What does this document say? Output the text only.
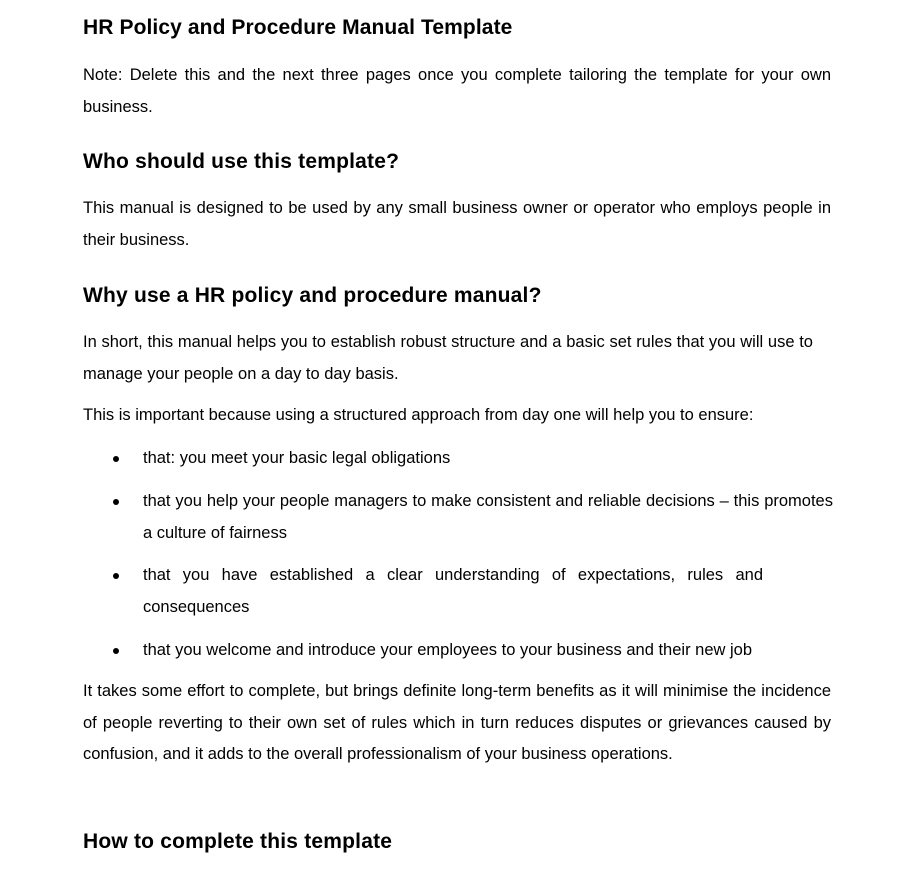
HR Policy and Procedure Manual Template
Note: Delete this and the next three pages once you complete tailoring the template for your own business.
Who should use this template?
This manual is designed to be used by any small business owner or operator who employs people in their business.
Why use a HR policy and procedure manual?
In short, this manual helps you to establish robust structure and a basic set rules that you will use to manage your people on a day to day basis.
This is important because using a structured approach from day one will help you to ensure:
that: you meet your basic legal obligations
that you help your people managers to make consistent and reliable decisions – this promotes a culture of fairness
that you have established a clear understanding of expectations, rules and consequences
that you welcome and introduce your employees to your business and their new job
It takes some effort to complete, but brings definite long-term benefits as it will minimise the incidence of people reverting to their own set of rules which in turn reduces disputes or grievances caused by confusion, and it adds to the overall professionalism of your business operations.
How to complete this template
